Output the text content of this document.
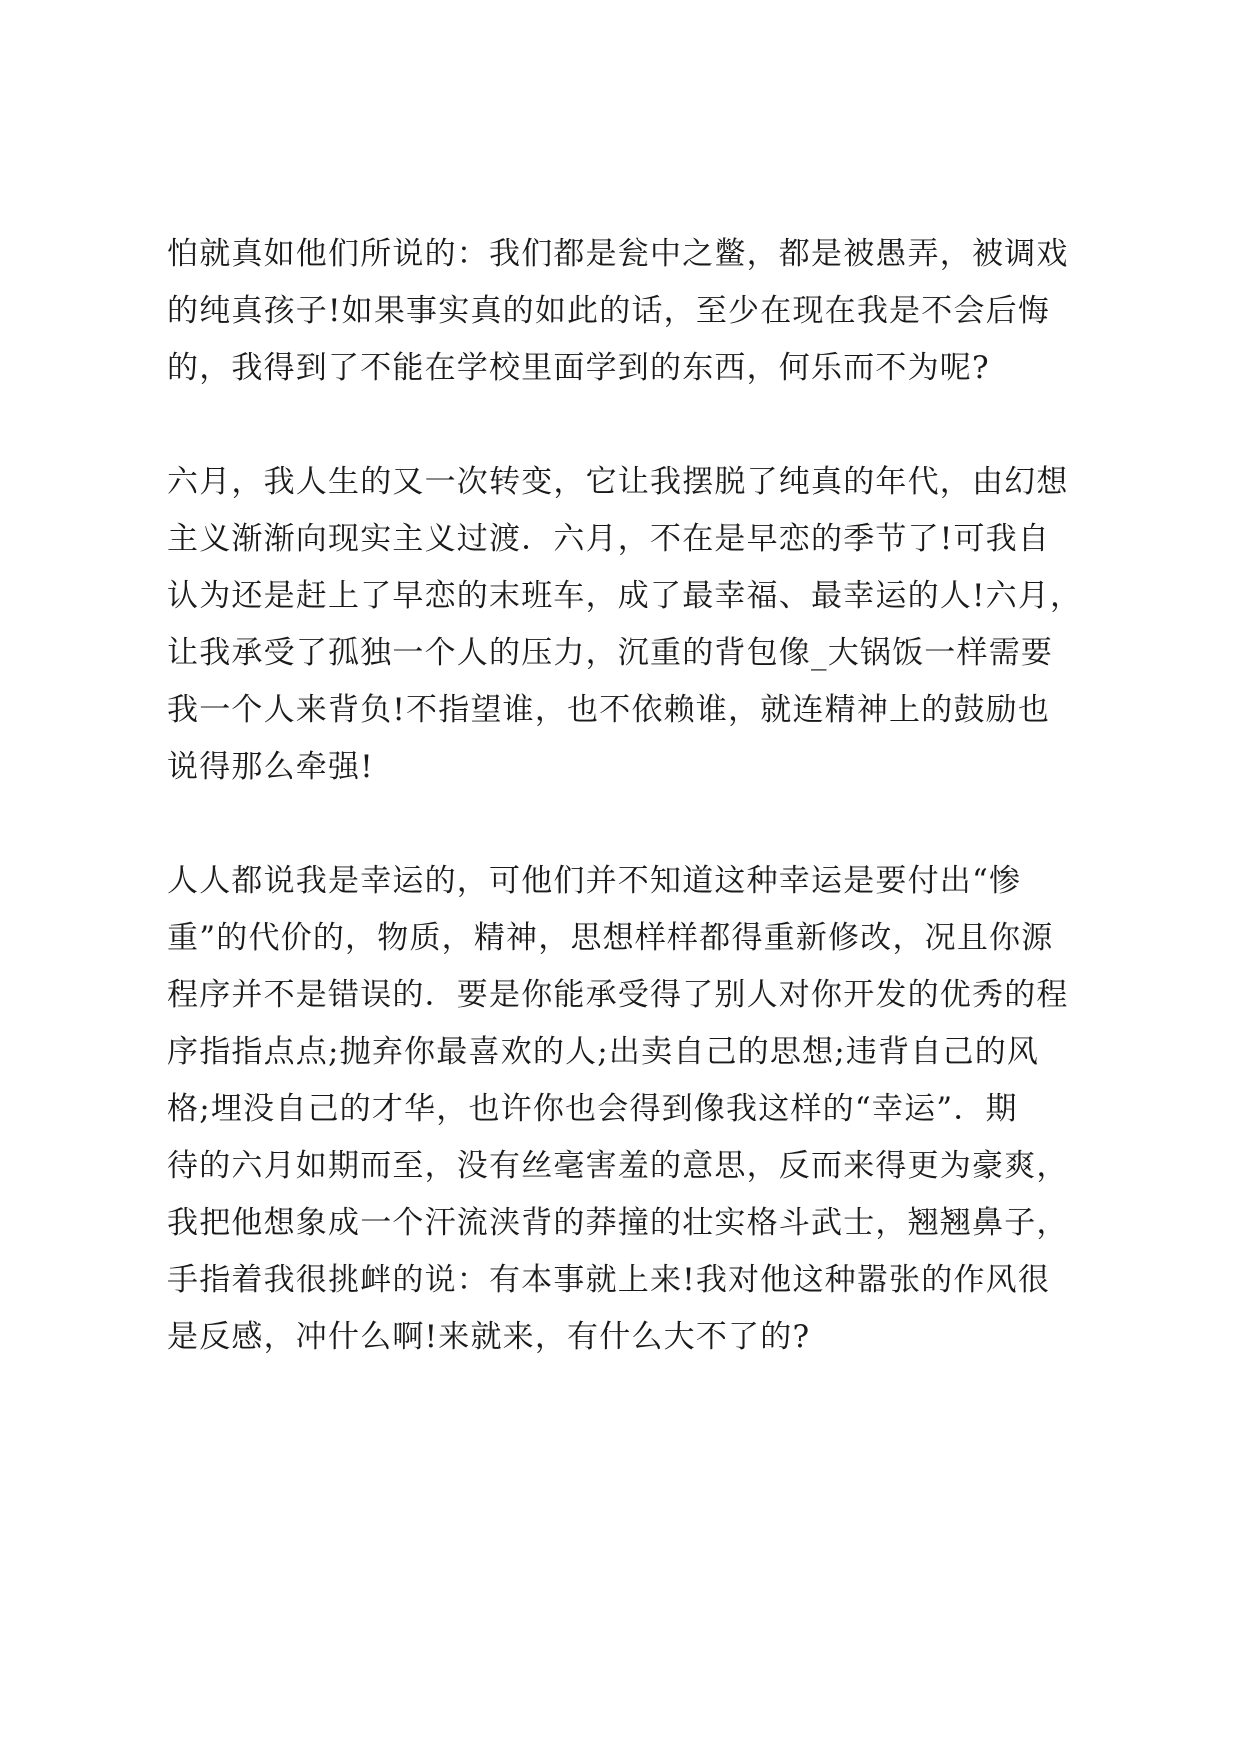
怕就真如他们所说的：我们都是瓮中之鳖，都是被愚弄，被调戏
的纯真孩子!如果事实真的如此的话，至少在现在我是不会后悔
的，我得到了不能在学校里面学到的东西，何乐而不为呢?

六月，我人生的又一次转变，它让我摆脱了纯真的年代，由幻想
主义渐渐向现实主义过渡．六月，不在是早恋的季节了!可我自
认为还是赶上了早恋的末班车，成了最幸福、最幸运的人!六月，
让我承受了孤独一个人的压力，沉重的背包像_大锅饭一样需要
我一个人来背负!不指望谁，也不依赖谁，就连精神上的鼓励也
说得那么牵强!

人人都说我是幸运的，可他们并不知道这种幸运是要付出“惨
重”的代价的，物质，精神，思想样样都得重新修改，况且你源
程序并不是错误的．要是你能承受得了别人对你开发的优秀的程
序指指点点;抛弃你最喜欢的人;出卖自己的思想;违背自己的风
格;埋没自己的才华，也许你也会得到像我这样的“幸运”．期
待的六月如期而至，没有丝毫害羞的意思，反而来得更为豪爽，
我把他想象成一个汗流浃背的莽撞的壮实格斗武士，翘翘鼻子，
手指着我很挑衅的说：有本事就上来!我对他这种嚣张的作风很
是反感，冲什么啊!来就来，有什么大不了的?
